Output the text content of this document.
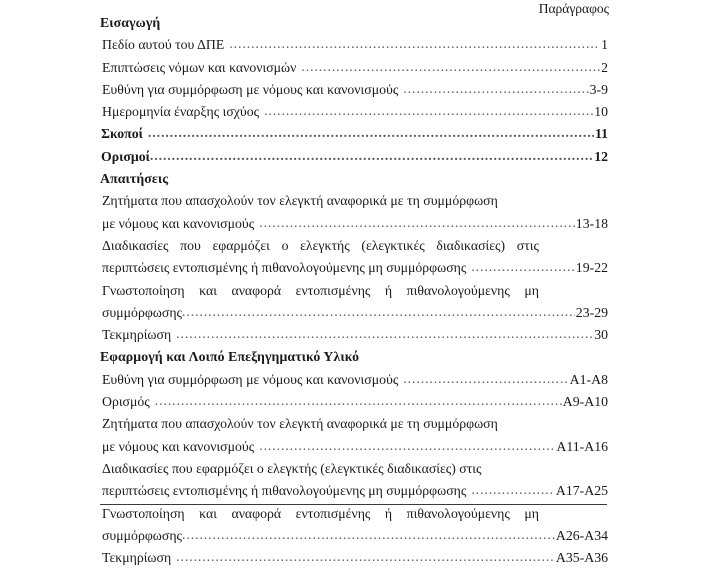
Παράγραφος
Εισαγωγή
Πεδίο αυτού του ΔΠΕ .....	1
Επιπτώσεις νόμων και κανονισμών .....	2
Ευθύνη για συμμόρφωση με νόμους και κανονισμούς .....	3-9
Ημερομηνία έναρξης ισχύος .....	10
Σκοποί .....	11
Ορισμοί .....	12
Απαιτήσεις
Ζητήματα που απασχολούν τον ελεγκτή αναφορικά με τη συμμόρφωση
με νόμους και κανονισμούς .....	13-18
Διαδικασίες που εφαρμόζει ο ελεγκτής (ελεγκτικές διαδικασίες) στις
περιπτώσεις εντοπισμένης ή πιθανολογούμενης μη συμμόρφωσης .....	19-22
Γνωστοποίηση και αναφορά εντοπισμένης ή πιθανολογούμενης μη
συμμόρφωσης .....	23-29
Τεκμηρίωση .....	30
Εφαρμογή και Λοιπό Επεξηγηματικό Υλικό
Ευθύνη για συμμόρφωση με νόμους και κανονισμούς .....	A1-A8
Ορισμός .....	A9-A10
Ζητήματα που απασχολούν τον ελεγκτή αναφορικά με τη συμμόρφωση
με νόμους και κανονισμούς .....	A11-A16
Διαδικασίες που εφαρμόζει ο ελεγκτής (ελεγκτικές διαδικασίες) στις
περιπτώσεις εντοπισμένης ή πιθανολογούμενης μη συμμόρφωσης .....	A17-A25
Γνωστοποίηση και αναφορά εντοπισμένης ή πιθανολογούμενης μη
συμμόρφωσης .....	A26-A34
Τεκμηρίωση .....	A35-A36
